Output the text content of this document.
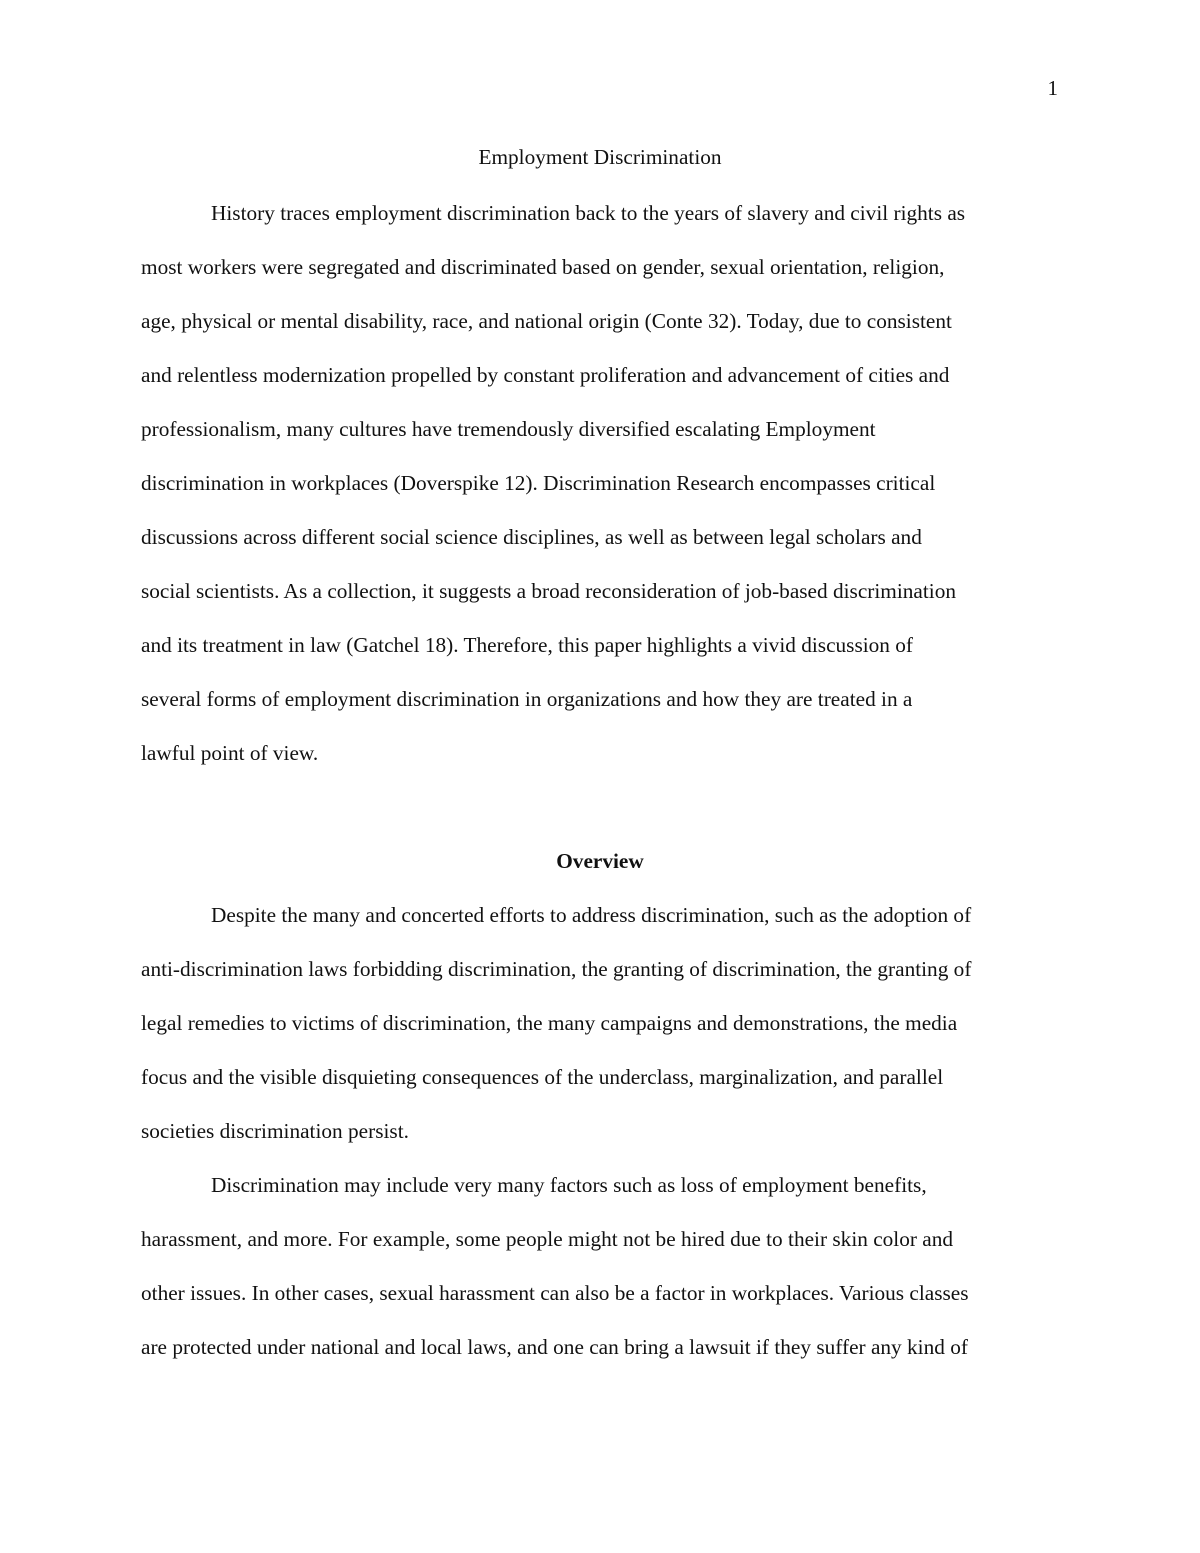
1
Employment Discrimination

History traces employment discrimination back to the years of slavery and civil rights as
most workers were segregated and discriminated based on gender, sexual orientation, religion,
age, physical or mental disability, race, and national origin (Conte 32). Today, due to consistent
and relentless modernization propelled by constant proliferation and advancement of cities and
professionalism, many cultures have tremendously diversified escalating Employment
discrimination in workplaces (Doverspike 12). Discrimination Research encompasses critical
discussions across different social science disciplines, as well as between legal scholars and
social scientists. As a collection, it suggests a broad reconsideration of job-based discrimination
and its treatment in law (Gatchel 18). Therefore, this paper highlights a vivid discussion of
several forms of employment discrimination in organizations and how they are treated in a
lawful point of view.

Overview

Despite the many and concerted efforts to address discrimination, such as the adoption of
anti-discrimination laws forbidding discrimination, the granting of discrimination, the granting of
legal remedies to victims of discrimination, the many campaigns and demonstrations, the media
focus and the visible disquieting consequences of the underclass, marginalization, and parallel
societies discrimination persist.

Discrimination may include very many factors such as loss of employment benefits,
harassment, and more. For example, some people might not be hired due to their skin color and
other issues. In other cases, sexual harassment can also be a factor in workplaces. Various classes
are protected under national and local laws, and one can bring a lawsuit if they suffer any kind of
